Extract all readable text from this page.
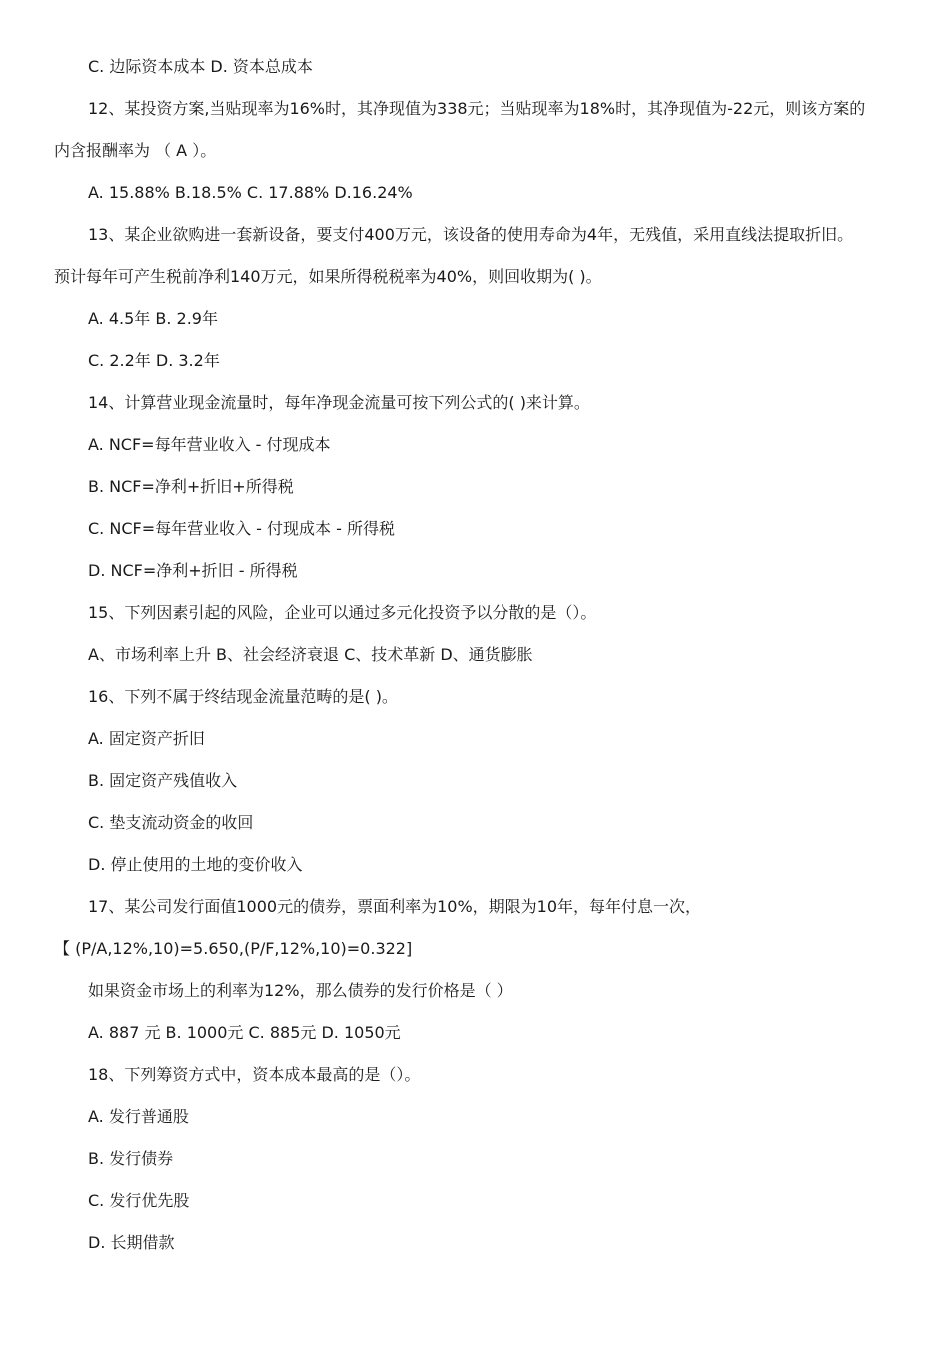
C. 边际资本成本 D. 资本总成本
12、某投资方案,当贴现率为16%时，其净现值为338元；当贴现率为18%时，其净现值为-22元，则该方案的
内含报酬率为 （ A ）。
A. 15.88% B.18.5% C. 17.88% D.16.24%
13、某企业欲购进一套新设备，要支付400万元，该设备的使用寿命为4年，无残值，采用直线法提取折旧。
预计每年可产生税前净利140万元，如果所得税税率为40%，则回收期为( )。
A. 4.5年 B. 2.9年
C. 2.2年 D. 3.2年
14、计算营业现金流量时，每年净现金流量可按下列公式的( )来计算。
A. NCF=每年营业收入 - 付现成本
B. NCF=净利+折旧+所得税
C. NCF=每年营业收入 - 付现成本 - 所得税
D. NCF=净利+折旧 - 所得税
15、下列因素引起的风险，企业可以通过多元化投资予以分散的是（）。
A、市场利率上升 B、社会经济衰退 C、技术革新 D、通货膨胀
16、下列不属于终结现金流量范畴的是( )。
A. 固定资产折旧
B. 固定资产残值收入
C. 垫支流动资金的收回
D. 停止使用的土地的变价收入
17、某公司发行面值1000元的债券，票面利率为10%，期限为10年，每年付息一次，
【 (P/A,12%,10)=5.650,(P/F,12%,10)=0.322]
如果资金市场上的利率为12%，那么债券的发行价格是（ ）
A. 887 元 B. 1000元 C. 885元 D. 1050元
18、下列筹资方式中，资本成本最高的是（）。
A. 发行普通股
B. 发行债券
C. 发行优先股
D. 长期借款
